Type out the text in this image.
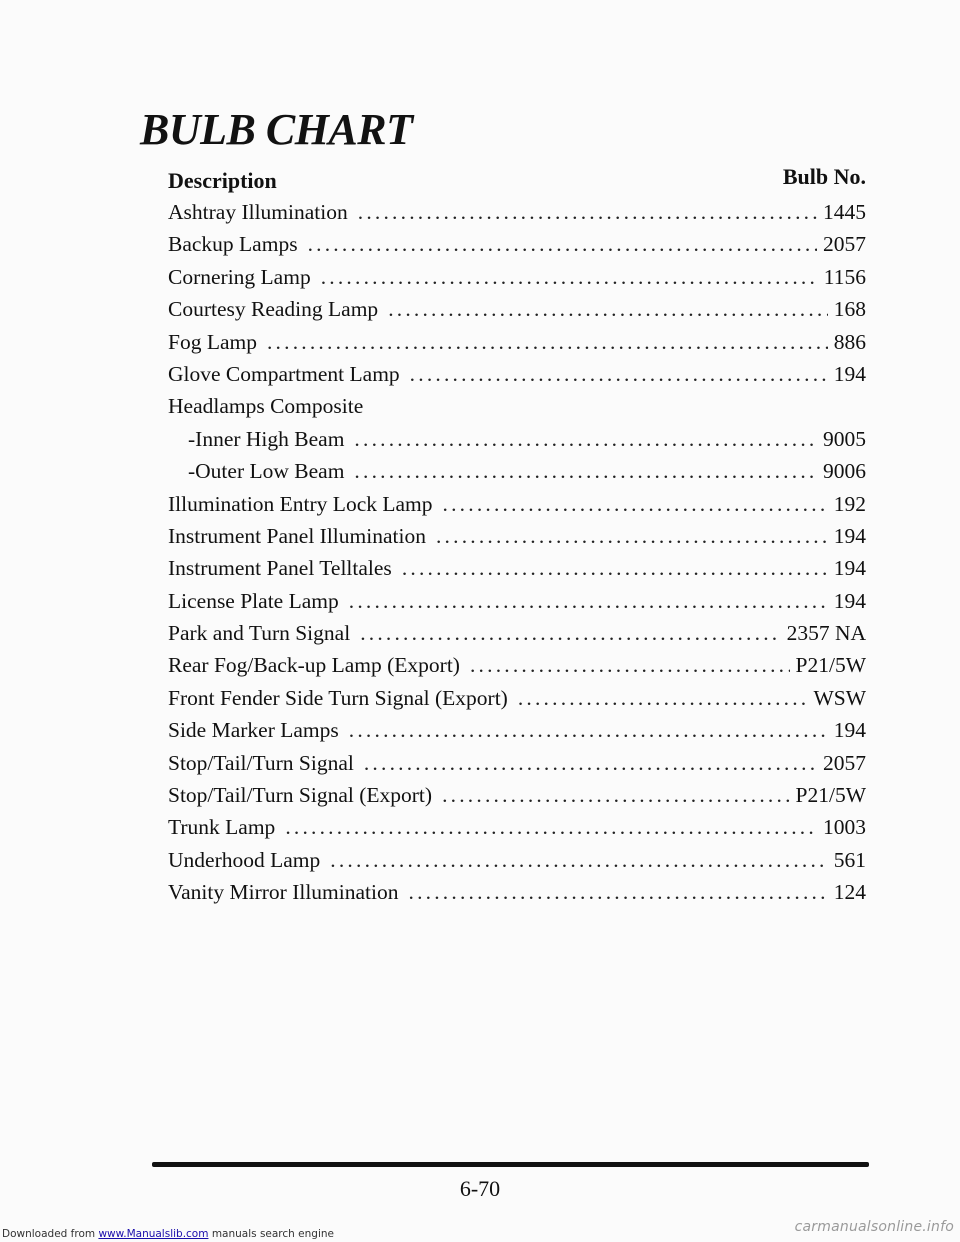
BULB CHART
Description	Bulb No.
Ashtray Illumination .....	1445
Backup Lamps .....	2057
Cornering Lamp .....	1156
Courtesy Reading Lamp .....	168
Fog Lamp .....	886
Glove Compartment Lamp .....	194
Headlamps Composite
-Inner High Beam .....	9005
-Outer Low Beam .....	9006
Illumination Entry Lock Lamp .....	192
Instrument Panel Illumination .....	194
Instrument Panel Telltales .....	194
License Plate Lamp .....	194
Park and Turn Signal .....	2357 NA
Rear Fog/Back-up Lamp (Export) .....	P21/5W
Front Fender Side Turn Signal (Export) .....	WSW
Side Marker Lamps .....	194
Stop/Tail/Turn Signal .....	2057
Stop/Tail/Turn Signal (Export) .....	P21/5W
Trunk Lamp .....	1003
Underhood Lamp .....	561
Vanity Mirror Illumination .....	124
6-70
Downloaded from www.Manualslib.com manuals search engine	carmanualsonline.info
